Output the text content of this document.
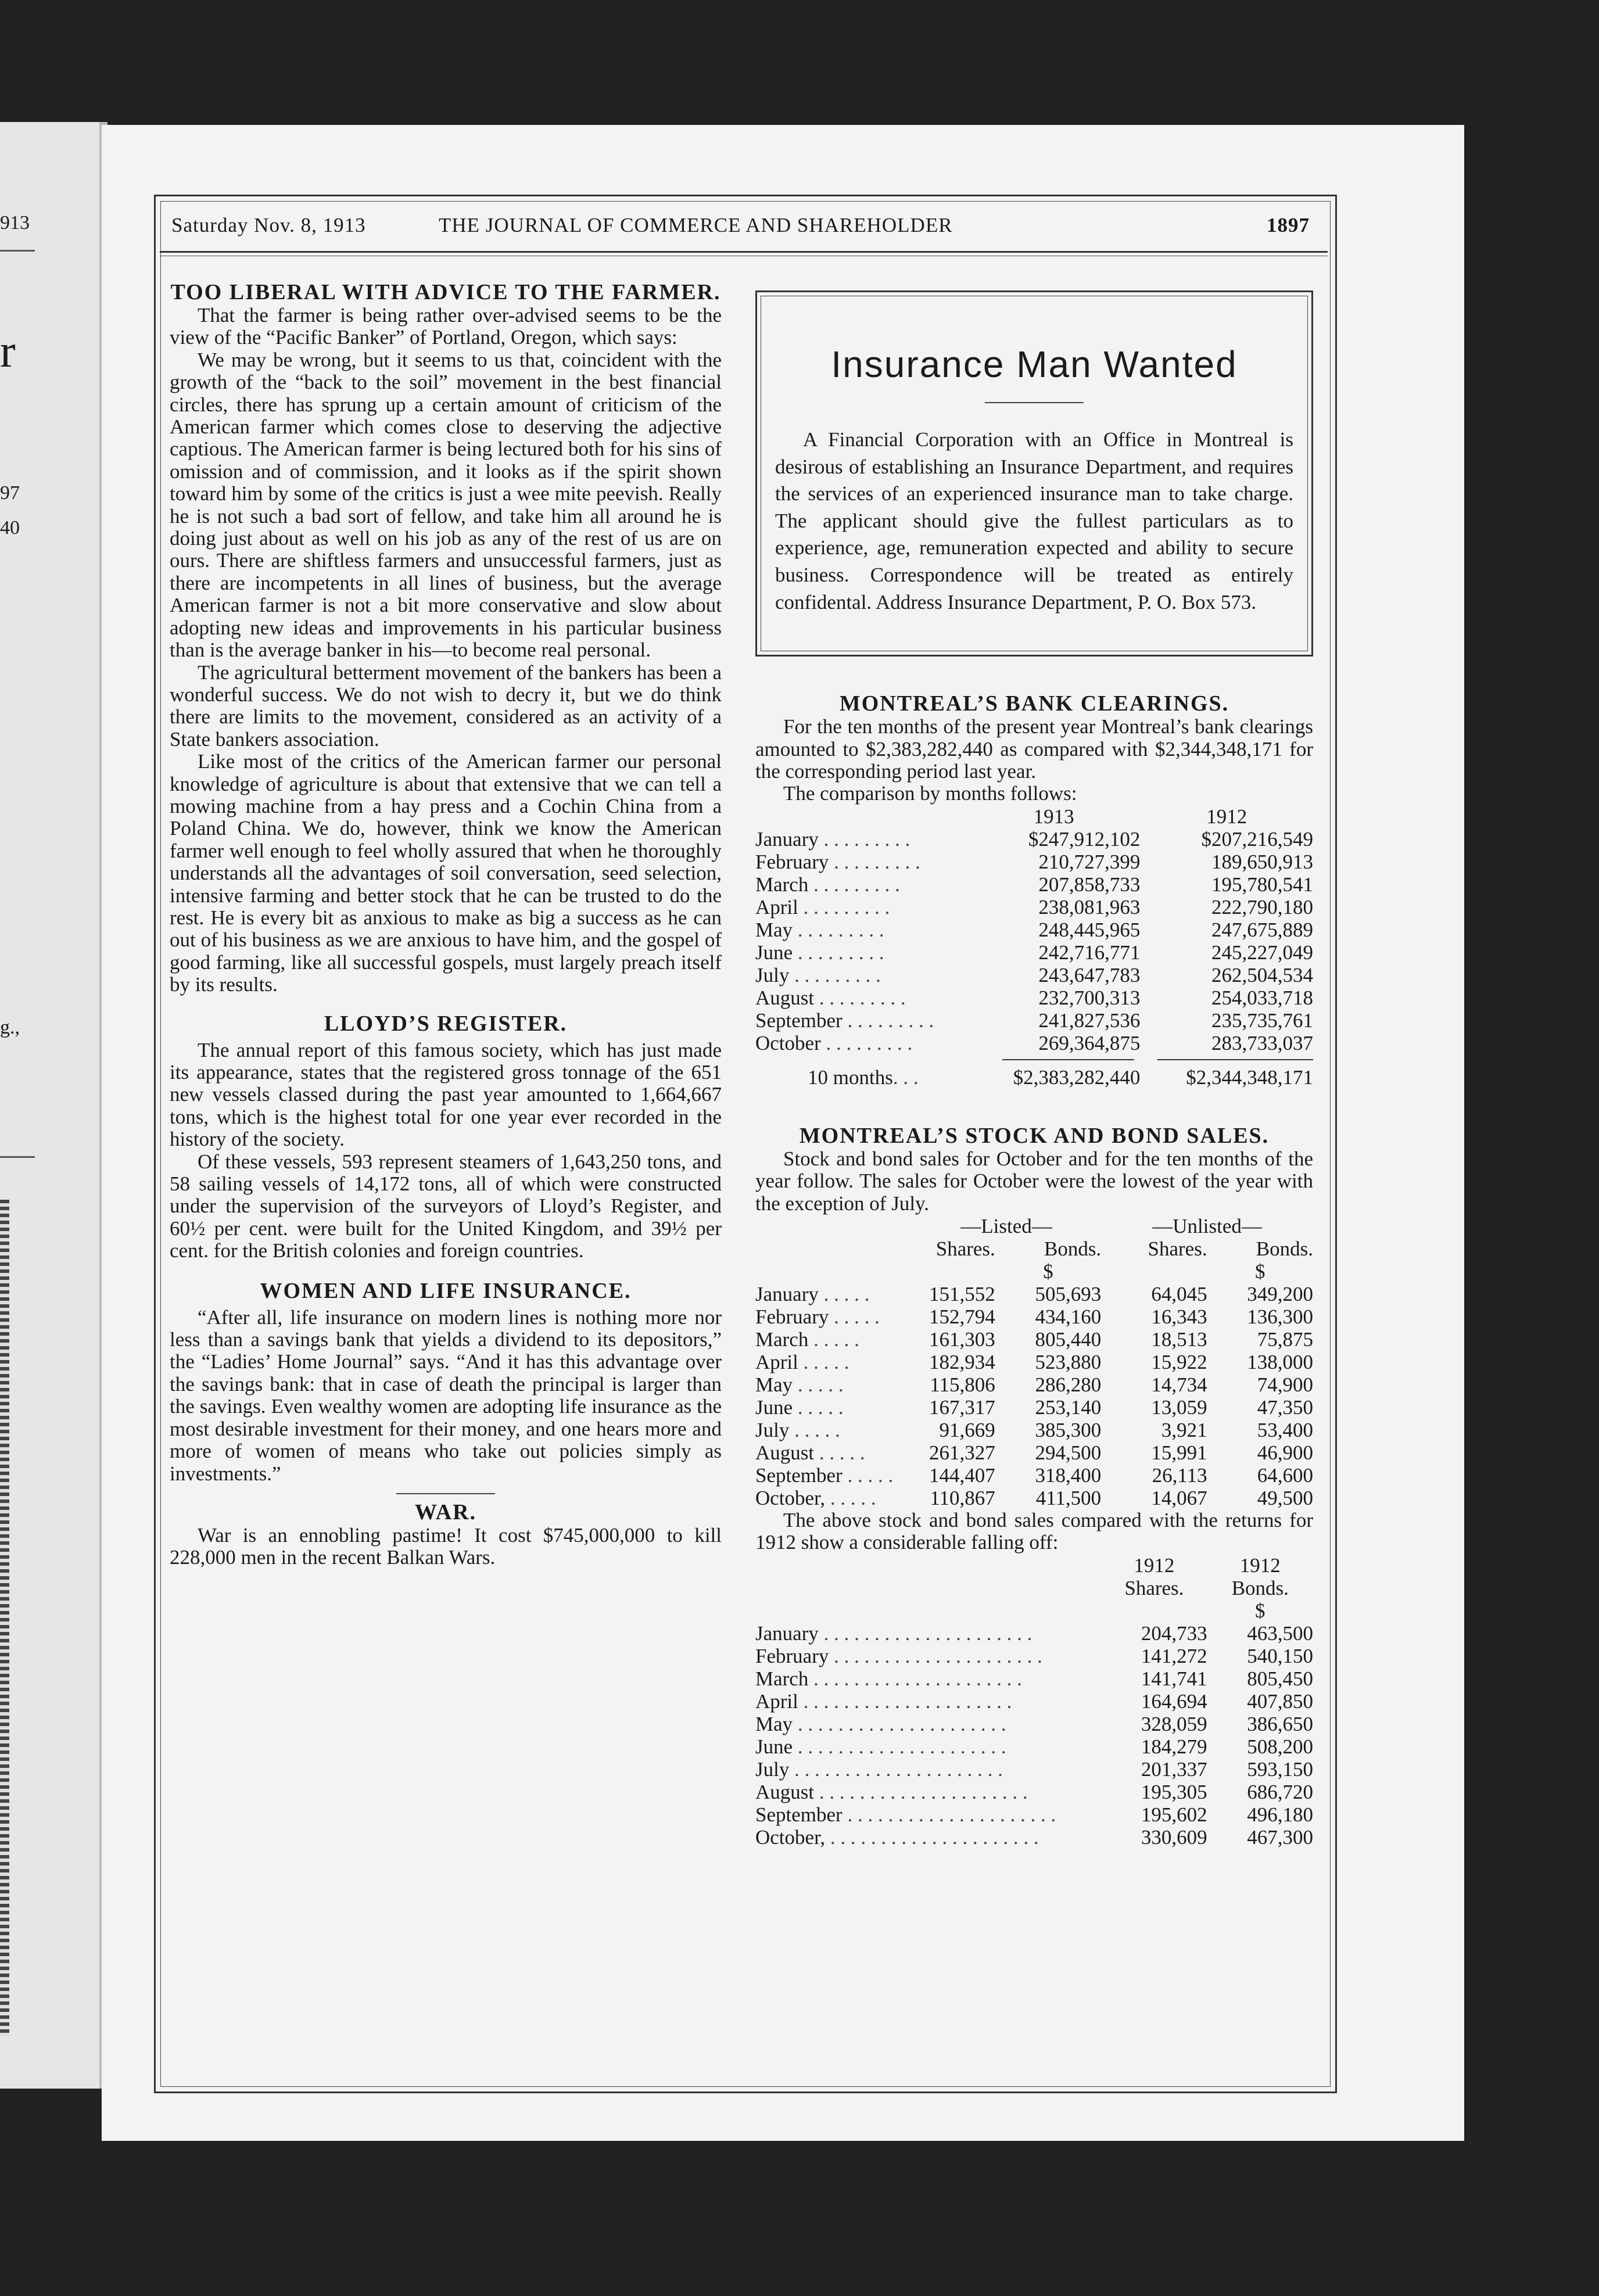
913
r
97
40
g.,
Saturday Nov. 8, 1913	THE JOURNAL OF COMMERCE AND SHAREHOLDER	1897
TOO LIBERAL WITH ADVICE TO THE FARMER.

That the farmer is being rather over-advised seems to be the view of the “Pacific Banker” of Portland, Oregon, which says:

We may be wrong, but it seems to us that, coincident with the growth of the “back to the soil” movement in the best financial circles, there has sprung up a certain amount of criticism of the American farmer which comes close to deserving the adjective captious. The American farmer is being lectured both for his sins of omission and of commission, and it looks as if the spirit shown toward him by some of the critics is just a wee mite peevish. Really he is not such a bad sort of fellow, and take him all around he is doing just about as well on his job as any of the rest of us are on ours. There are shiftless farmers and unsuccessful farmers, just as there are incompetents in all lines of business, but the average American farmer is not a bit more conservative and slow about adopting new ideas and improvements in his particular business than is the average banker in his—to become real personal.

The agricultural betterment movement of the bankers has been a wonderful success. We do not wish to decry it, but we do think there are limits to the movement, considered as an activity of a State bankers association.

Like most of the critics of the American farmer our personal knowledge of agriculture is about that extensive that we can tell a mowing machine from a hay press and a Cochin China from a Poland China. We do, however, think we know the American farmer well enough to feel wholly assured that when he thoroughly understands all the advantages of soil conversation, seed selection, intensive farming and better stock that he can be trusted to do the rest. He is every bit as anxious to make as big a success as he can out of his business as we are anxious to have him, and the gospel of good farming, like all successful gospels, must largely preach itself by its results.

LLOYD’S REGISTER.

The annual report of this famous society, which has just made its appearance, states that the registered gross tonnage of the 651 new vessels classed during the past year amounted to 1,664,667 tons, which is the highest total for one year ever recorded in the history of the society.

Of these vessels, 593 represent steamers of 1,643,250 tons, and 58 sailing vessels of 14,172 tons, all of which were constructed under the supervision of the surveyors of Lloyd’s Register, and 60½ per cent. were built for the United Kingdom, and 39½ per cent. for the British colonies and foreign countries.

WOMEN AND LIFE INSURANCE.

“After all, life insurance on modern lines is nothing more nor less than a savings bank that yields a dividend to its depositors,” the “Ladies’ Home Journal” says. “And it has this advantage over the savings bank: that in case of death the principal is larger than the savings. Even wealthy women are adopting life insurance as the most desirable investment for their money, and one hears more and more of women of means who take out policies simply as investments.”

WAR.

War is an ennobling pastime! It cost $745,000,000 to kill 228,000 men in the recent Balkan Wars.

Insurance Man Wanted

A Financial Corporation with an Office in Montreal is desirous of establishing an Insurance Department, and requires the services of an experienced insurance man to take charge. The applicant should give the fullest particulars as to experience, age, remuneration expected and ability to secure business. Correspondence will be treated as entirely confidental. Address Insurance Department, P. O. Box 573.

MONTREAL’S BANK CLEARINGS.

For the ten months of the present year Montreal’s bank clearings amounted to $2,383,282,440 as compared with $2,344,348,171 for the corresponding period last year.

The comparison by months follows:

	1913	1912
January . . . . . . . . .	$247,912,102	$207,216,549
February . . . . . . . . .	210,727,399	189,650,913
March . . . . . . . . .	207,858,733	195,780,541
April . . . . . . . . .	238,081,963	222,790,180
May . . . . . . . . .	248,445,965	247,675,889
June . . . . . . . . .	242,716,771	245,227,049
July . . . . . . . . .	243,647,783	262,504,534
August . . . . . . . . .	232,700,313	254,033,718
September . . . . . . . . .	241,827,536	235,735,761
October . . . . . . . . .	269,364,875	283,733,037

10 months. . .	$2,383,282,440	$2,344,348,171
MONTREAL’S STOCK AND BOND SALES.

Stock and bond sales for October and for the ten months of the year follow. The sales for October were the lowest of the year with the exception of July.

	—Listed—		—Unlisted—	
	Shares.	Bonds.	Shares.	Bonds.
		$		$
January . . . . .	151,552	505,693	64,045	349,200
February . . . . .	152,794	434,160	16,343	136,300
March . . . . .	161,303	805,440	18,513	75,875
April . . . . .	182,934	523,880	15,922	138,000
May . . . . .	115,806	286,280	14,734	74,900
June . . . . .	167,317	253,140	13,059	47,350
July . . . . .	91,669	385,300	3,921	53,400
August . . . . .	261,327	294,500	15,991	46,900
September . . . . .	144,407	318,400	26,113	64,600
October, . . . . .	110,867	411,500	14,067	49,500

The above stock and bond sales compared with the returns for 1912 show a considerable falling off:

	1912	1912
	Shares.	Bonds.
		$
January . . . . . . . . . . . . . . . . . . . . .	204,733	463,500
February . . . . . . . . . . . . . . . . . . . . .	141,272	540,150
March . . . . . . . . . . . . . . . . . . . . .	141,741	805,450
April . . . . . . . . . . . . . . . . . . . . .	164,694	407,850
May . . . . . . . . . . . . . . . . . . . . .	328,059	386,650
June . . . . . . . . . . . . . . . . . . . . .	184,279	508,200
July . . . . . . . . . . . . . . . . . . . . .	201,337	593,150
August . . . . . . . . . . . . . . . . . . . . .	195,305	686,720
September . . . . . . . . . . . . . . . . . . . . .	195,602	496,180
October, . . . . . . . . . . . . . . . . . . . . .	330,609	467,300
